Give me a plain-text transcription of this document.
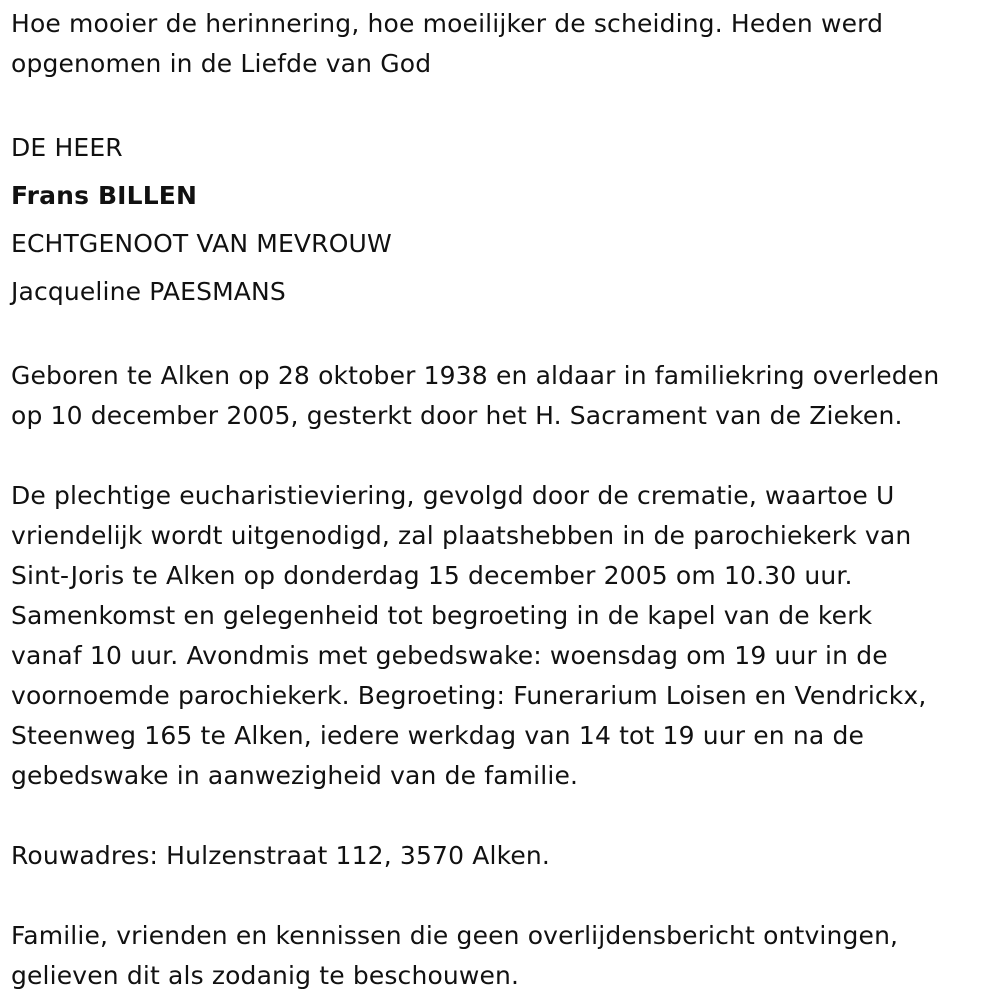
Hoe mooier de herinnering, hoe moeilijker de scheiding. Heden werd
opgenomen in de Liefde van God
DE HEER
Frans BILLEN
ECHTGENOOT VAN MEVROUW
Jacqueline PAESMANS
Geboren te Alken op 28 oktober 1938 en aldaar in familiekring overleden
op 10 december 2005, gesterkt door het H. Sacrament van de Zieken.
De plechtige eucharistieviering, gevolgd door de crematie, waartoe U
vriendelijk wordt uitgenodigd, zal plaatshebben in de parochiekerk van
Sint-Joris te Alken op donderdag 15 december 2005 om 10.30 uur.
Samenkomst en gelegenheid tot begroeting in de kapel van de kerk
vanaf 10 uur. Avondmis met gebedswake: woensdag om 19 uur in de
voornoemde parochiekerk. Begroeting: Funerarium Loisen en Vendrickx,
Steenweg 165 te Alken, iedere werkdag van 14 tot 19 uur en na de
gebedswake in aanwezigheid van de familie.
Rouwadres: Hulzenstraat 112, 3570 Alken.
Familie, vrienden en kennissen die geen overlijdensbericht ontvingen,
gelieven dit als zodanig te beschouwen.
